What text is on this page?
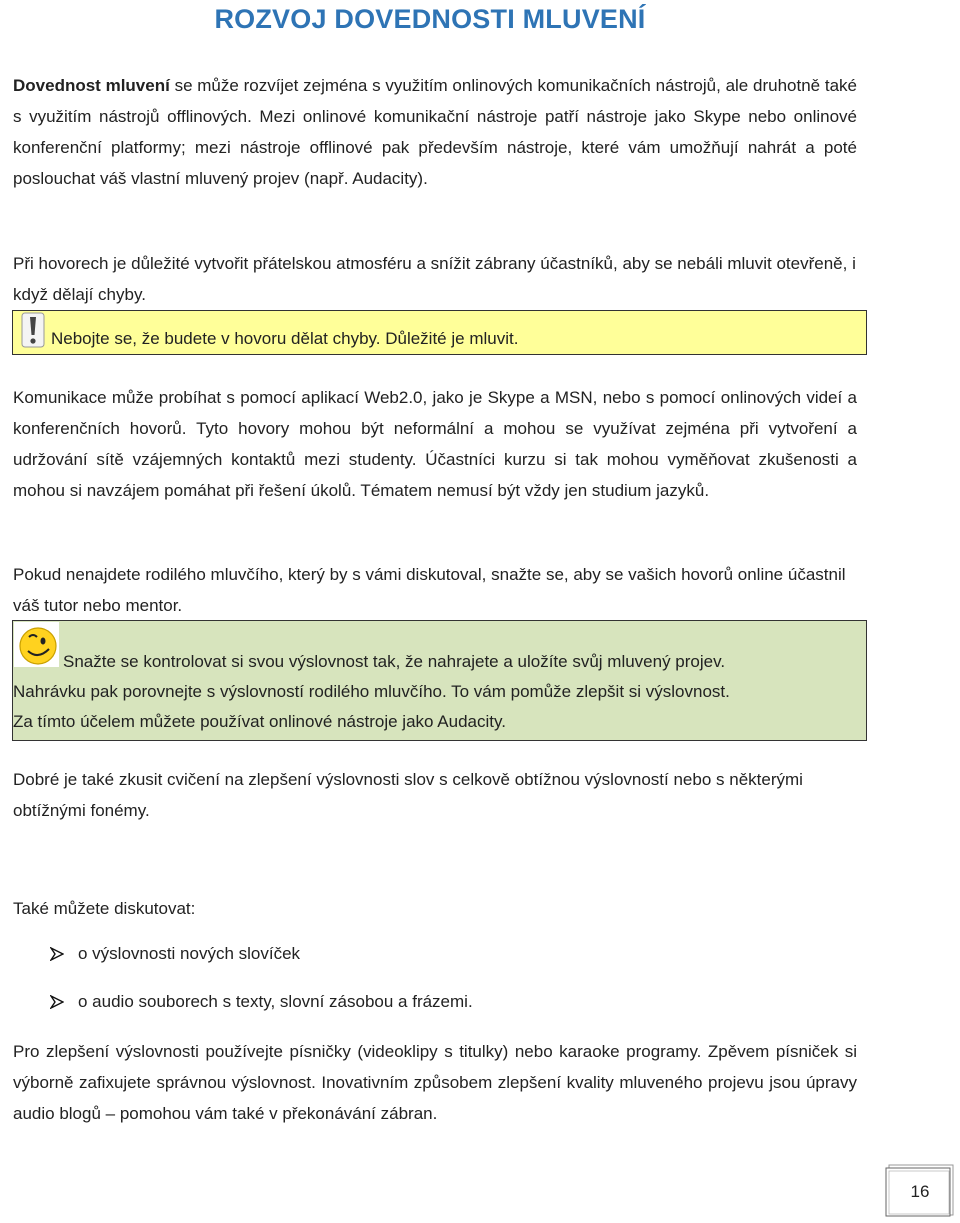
ROZVOJ DOVEDNOSTI MLUVENÍ

Dovednost mluvení se může rozvíjet zejména s využitím onlinových komunikačních nástrojů, ale druhotně také s využitím nástrojů offlinových. Mezi onlinové komunikační nástroje patří nástroje jako Skype nebo onlinové konferenční platformy; mezi nástroje offlinové pak především nástroje, které vám umožňují nahrát a poté poslouchat váš vlastní mluvený projev (např. Audacity).

Při hovorech je důležité vytvořit přátelskou atmosféru a snížit zábrany účastníků, aby se nebáli mluvit otevřeně, i když dělají chyby.

Nebojte se, že budete v hovoru dělat chyby. Důležité je mluvit.

Komunikace může probíhat s pomocí aplikací Web2.0, jako je Skype a MSN, nebo s pomocí onlinových videí a konferenčních hovorů. Tyto hovory mohou být neformální a mohou se využívat zejména při vytvoření a udržování sítě vzájemných kontaktů mezi studenty. Účastníci kurzu si tak mohou vyměňovat zkušenosti a mohou si navzájem pomáhat při řešení úkolů. Tématem nemusí být vždy jen studium jazyků.

Pokud nenajdete rodilého mluvčího, který by s vámi diskutoval, snažte se, aby se vašich hovorů online účastnil váš tutor nebo mentor.

Snažte se kontrolovat si svou výslovnost tak, že nahrajete a uložíte svůj mluvený projev.

Nahrávku pak porovnejte s výslovností rodilého mluvčího. To vám pomůže zlepšit si výslovnost.

Za tímto účelem můžete používat onlinové nástroje jako Audacity.

Dobré je také zkusit cvičení na zlepšení výslovnosti slov s celkově obtížnou výslovností nebo s některými obtížnými fonémy.

Také můžete diskutovat:

o výslovnosti nových slovíček
o audio souborech s texty, slovní zásobou a frázemi.

Pro zlepšení výslovnosti používejte písničky (videoklipy s titulky) nebo karaoke programy. Zpěvem písniček si výborně zafixujete správnou výslovnost. Inovativním způsobem zlepšení kvality mluveného projevu jsou úpravy audio blogů – pomohou vám také v překonávání zábran.

16
